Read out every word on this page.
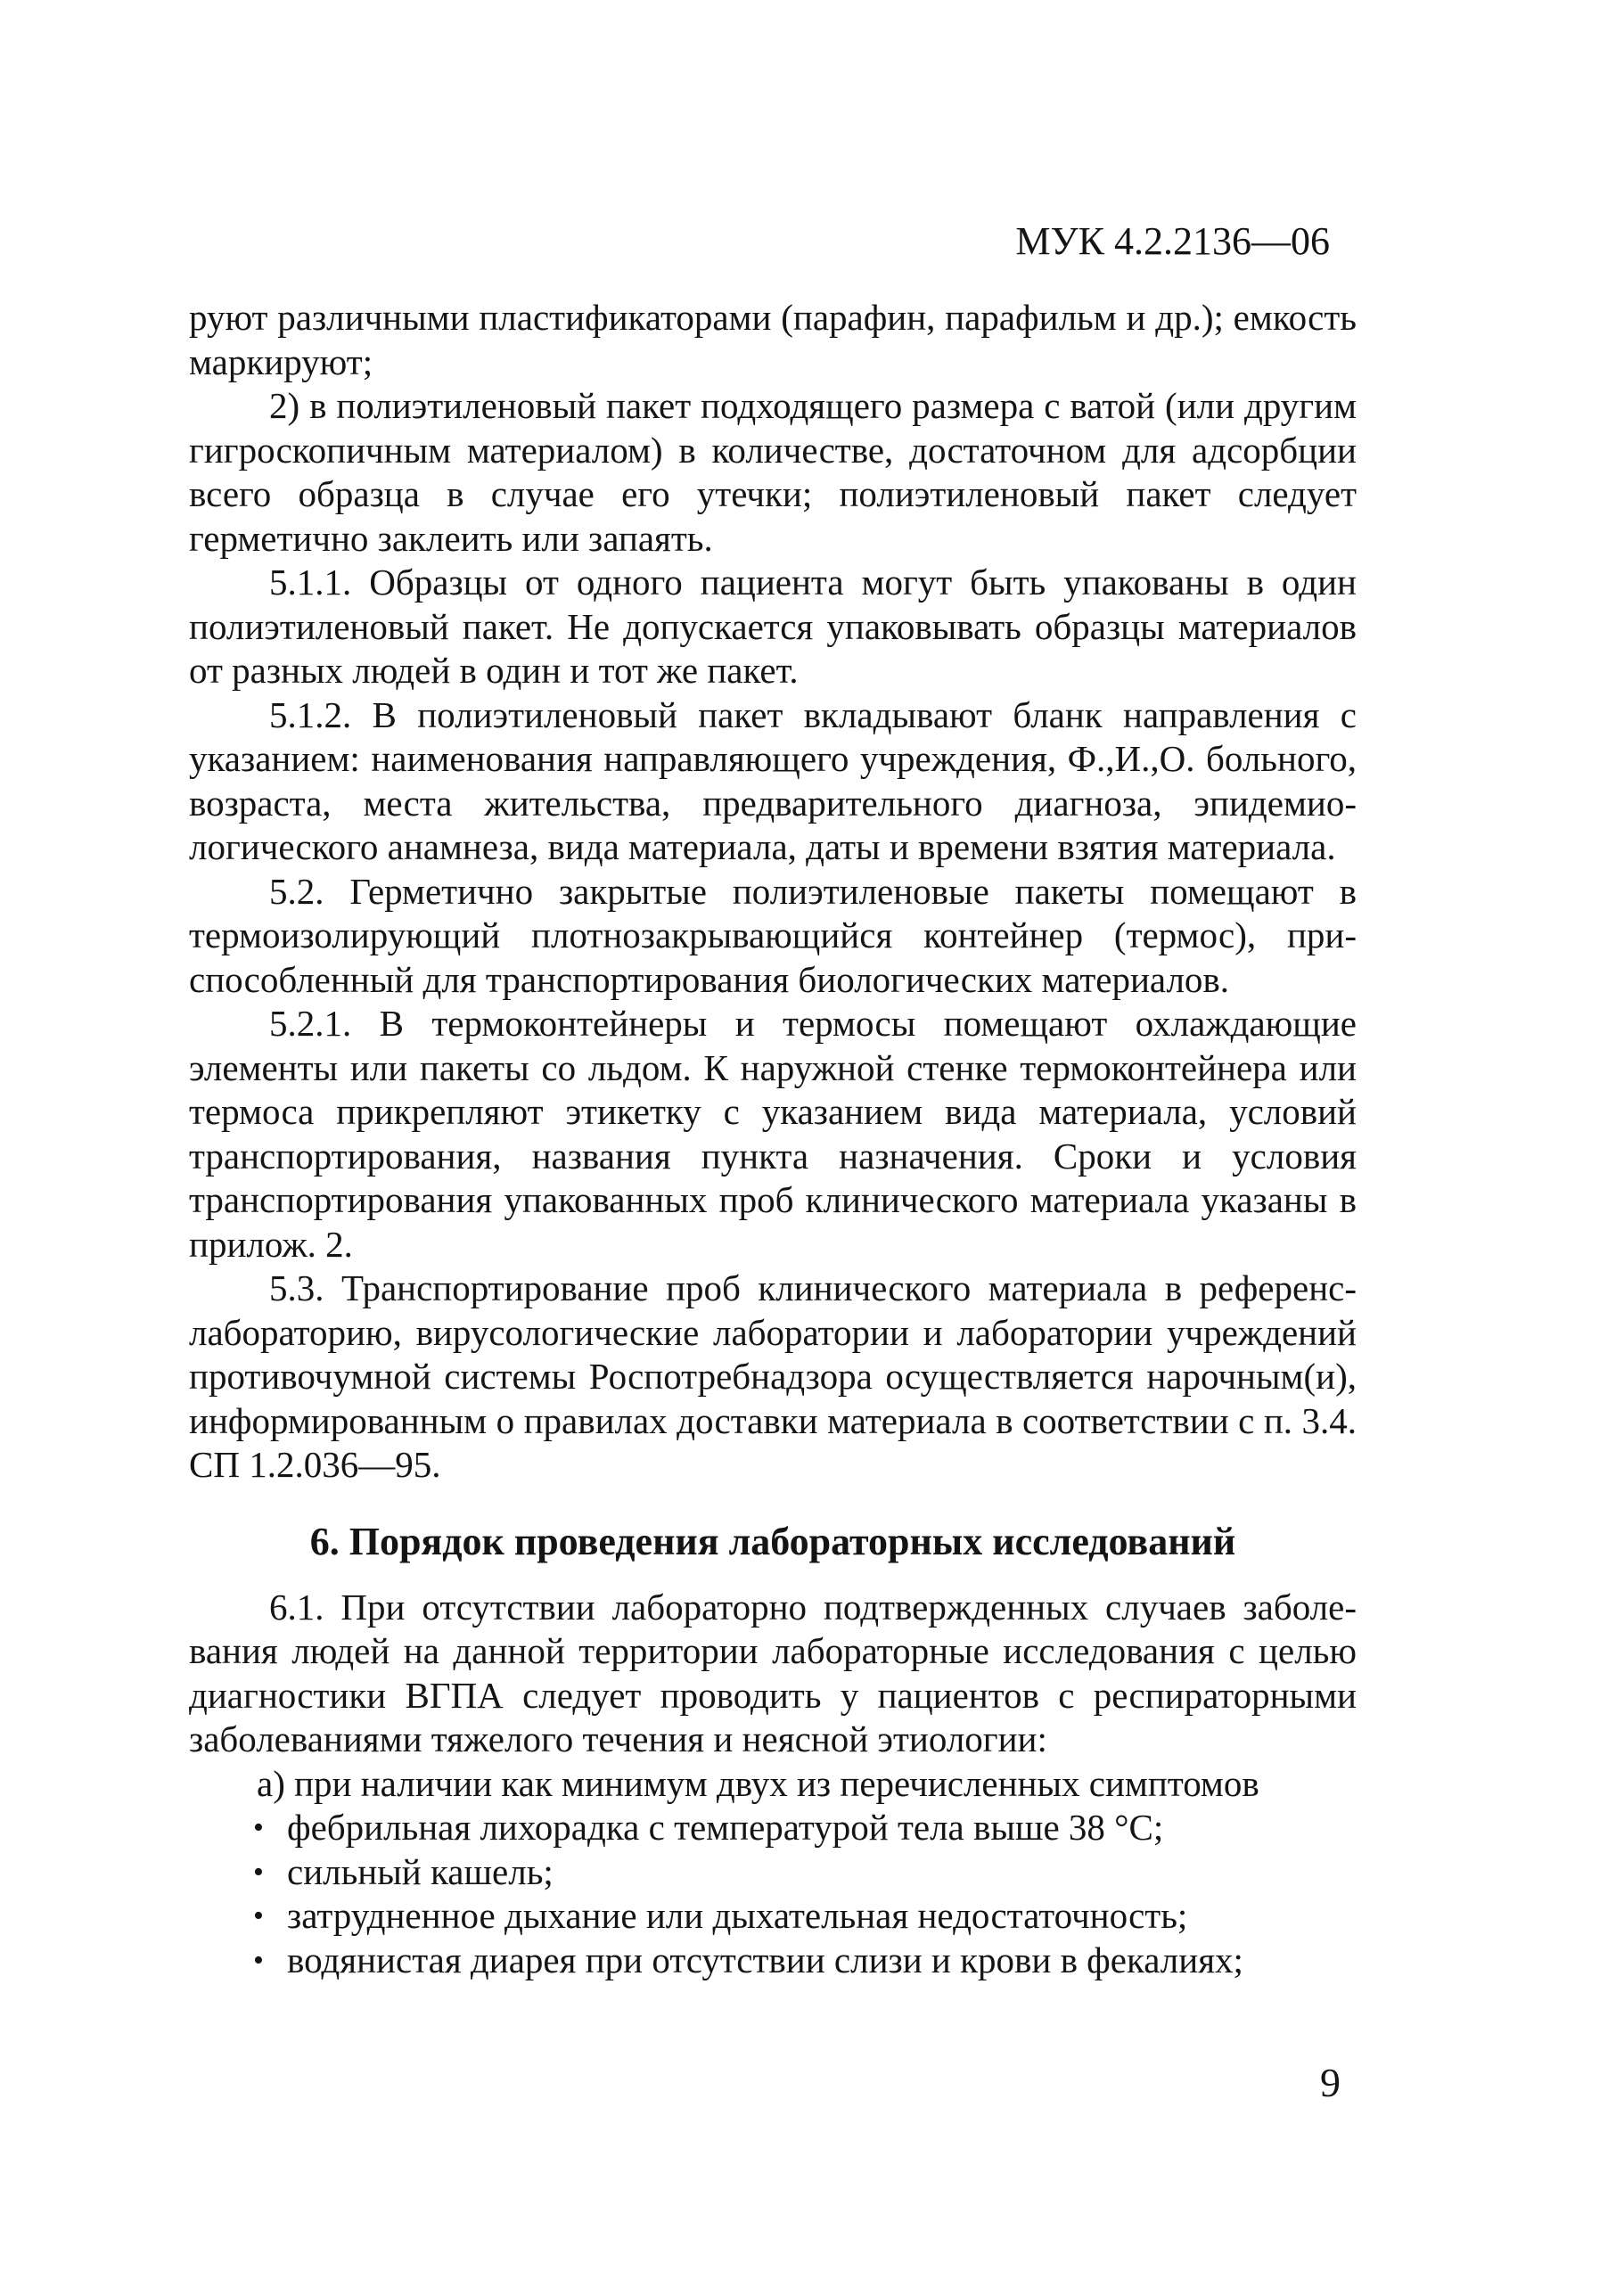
МУК 4.2.2136—06

руют различными пластификаторами (парафин, парафильм и др.); емкость маркируют;

2) в полиэтиленовый пакет подходящего размера с ватой (или другим гигроскопичным материалом) в количестве, достаточном для адсорбции всего образца в случае его утечки; полиэтиленовый пакет следует герметично заклеить или запаять.

5.1.1. Образцы от одного пациента могут быть упакованы в один полиэтиленовый пакет. Не допускается упаковывать образцы материалов от разных людей в один и тот же пакет.

5.1.2. В полиэтиленовый пакет вкладывают бланк направления с указанием: наименования направляющего учреждения, Ф.,И.,О. больного, возраста, места жительства, предварительного диагноза, эпидемиологического анамнеза, вида материала, даты и времени взятия материала.

5.2. Герметично закрытые полиэтиленовые пакеты помещают в термоизолирующий плотнозакрывающийся контейнер (термос), приспособленный для транспортирования биологических материалов.

5.2.1. В термоконтейнеры и термосы помещают охлаждающие элементы или пакеты со льдом. К наружной стенке термоконтейнера или термоса прикрепляют этикетку с указанием вида материала, условий транспортирования, названия пункта назначения. Сроки и условия транспортирования упакованных проб клинического материала указаны в прилож. 2.

5.3. Транспортирование проб клинического материала в референслабораторию, вирусологические лаборатории и лаборатории учреждений противочумной системы Роспотребнадзора осуществляется нарочным(и), информированным о правилах доставки материала в соответствии с п. 3.4. СП 1.2.036—95.

6. Порядок проведения лабораторных исследований

6.1. При отсутствии лабораторно подтвержденных случаев заболевания людей на данной территории лабораторные исследования с целью диагностики ВГПА следует проводить у пациентов с респираторными заболеваниями тяжелого течения и неясной этиологии:

а) при наличии как минимум двух из перечисленных симптомов

• фебрильная лихорадка с температурой тела выше 38 °С;
• сильный кашель;
• затрудненное дыхание или дыхательная недостаточность;
• водянистая диарея при отсутствии слизи и крови в фекалиях;
9
